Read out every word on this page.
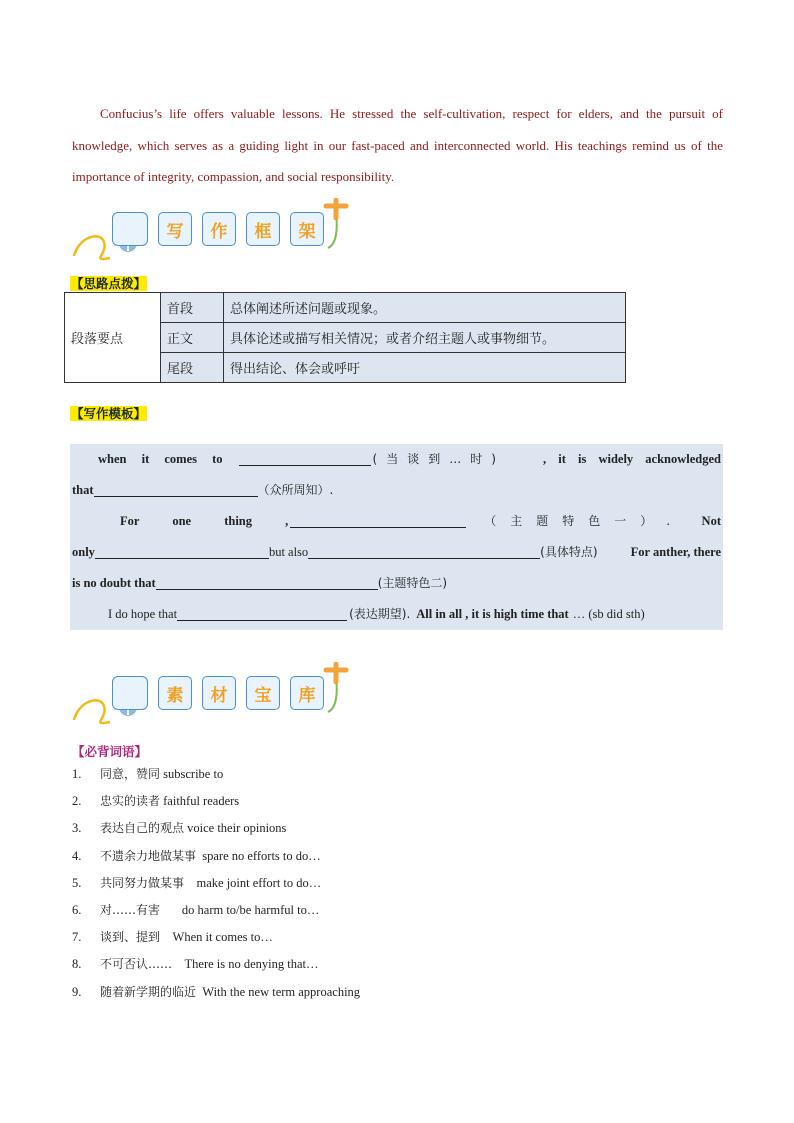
Confucius’s life offers valuable lessons. He stressed the self-cultivation, respect for elders, and the pursuit of knowledge, which serves as a guiding light in our fast-paced and interconnected world. His teachings remind us of the importance of integrity, compassion, and social responsibility.
写	作	框	架
【思路点拨】
段落要点	首段	总体阐述所述问题或现象。
	正文	具体论述或描写相关情况；或者介绍主题人或事物细节。
	尾段	得出结论、体会或呼吁
【写作模板】
when it comes to	(当谈到…时)	, it is widely acknowledged
that	（众所周知）.
For one thing ,	（主题特色一）. Not
only	but also	(具体特点)	For anther, there
is no doubt that	(主题特色二)
I do hope that	(表达期望). All in all , it is high time that … (sb did sth)
素	材	宝	库
【必背词语】
1.	同意，赞同
subscribe to
2.	忠实的读者
faithful readers
3.	表达自己的观点
voice their opinions
4.	不遗余力地做某事
spare no efforts to do…
5.	共同努力做某事
make joint effort to do…
6.	对……有害
do harm to/be harmful to…
7.	谈到、提到
When it comes to…
8.	不可否认……
There is no denying that…
9.	随着新学期的临近
With the new term approaching
